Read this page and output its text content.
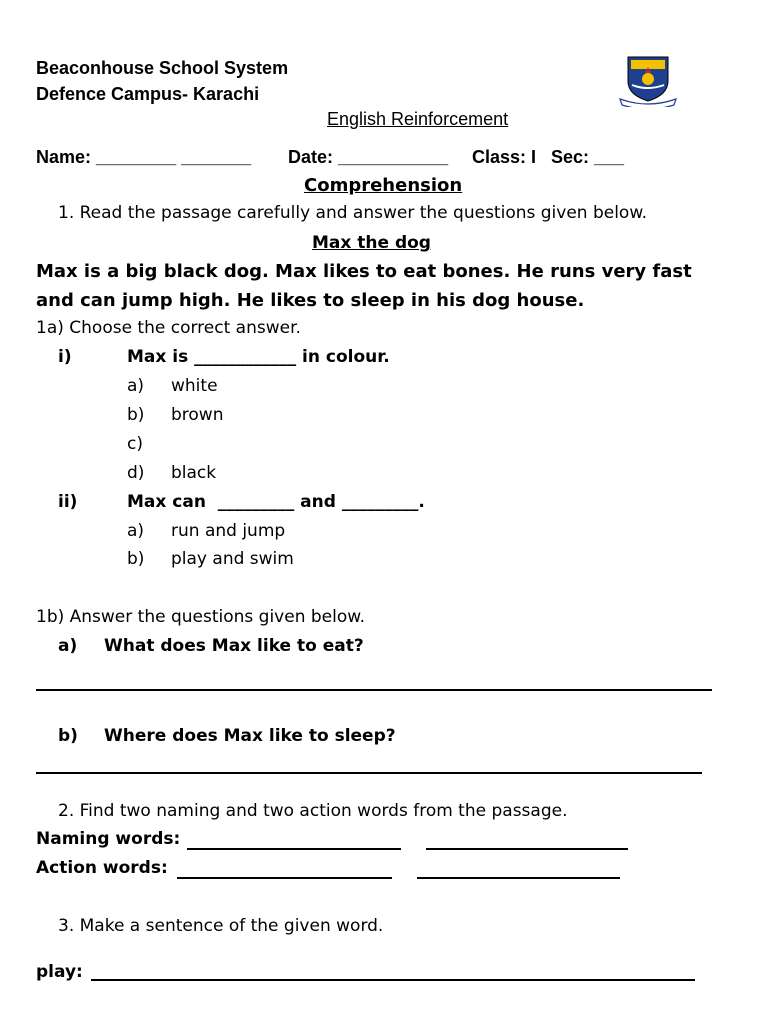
Beaconhouse School System
Defence Campus- Karachi
English Reinforcement
Name: ________ _______ Date: ___________ Class: I Sec: ___
Comprehension
1. Read the passage carefully and answer the questions given below.
Max the dog
Max is a big black dog. Max likes to eat bones. He runs very fast
and can jump high. He likes to sleep in his dog house.
1a) Choose the correct answer.
i)	Max is ____________ in colour.
a) white
b) brown
c)
d) black
ii)	Max can  _________ and _________.
a) run and jump
b) play and swim
1b) Answer the questions given below.
a) What does Max like to eat?
b) Where does Max like to sleep?
2. Find two naming and two action words from the passage.
Naming words:
Action words:
3. Make a sentence of the given word.
play:
